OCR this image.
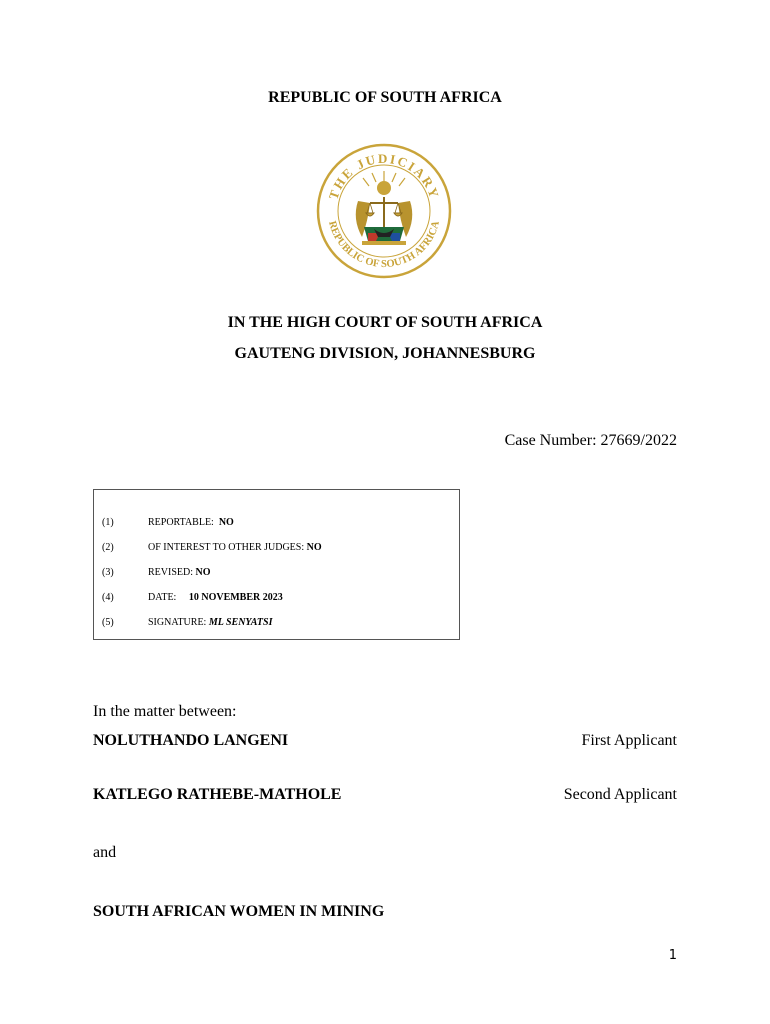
REPUBLIC OF SOUTH AFRICA
THE JUDICIARY
REPUBLIC OF SOUTH AFRICA
IN THE HIGH COURT OF SOUTH AFRICA
GAUTENG DIVISION, JOHANNESBURG
Case Number: 27669/2022
(1)	REPORTABLE:  NO
(2)	OF INTEREST TO OTHER JUDGES: NO
(3)	REVISED: NO
(4)	DATE:     10 NOVEMBER 2023
(5)	SIGNATURE: ML SENYATSI
In the matter between:
NOLUTHANDO LANGENI	First Applicant
KATLEGO RATHEBE-MATHOLE	Second Applicant
and
SOUTH AFRICAN WOMEN IN MINING
1
